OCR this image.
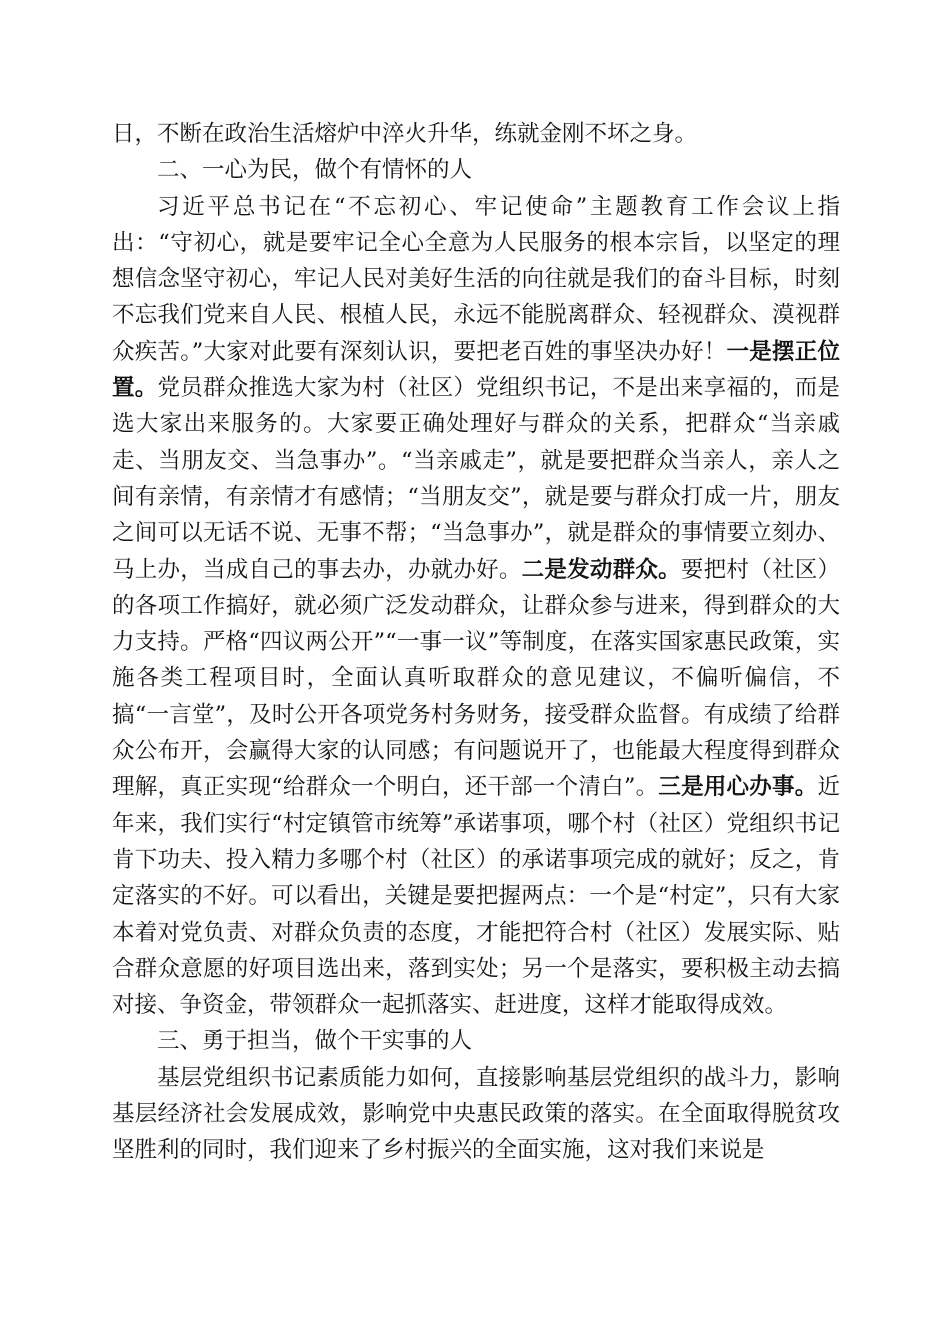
日，不断在政治生活熔炉中淬火升华，练就金刚不坏之身。

二、一心为民，做个有情怀的人

习近平总书记在“不忘初心、牢记使命”主题教育工作会议上指出：“守初心，就是要牢记全心全意为人民服务的根本宗旨，以坚定的理想信念坚守初心，牢记人民对美好生活的向往就是我们的奋斗目标，时刻不忘我们党来自人民、根植人民，永远不能脱离群众、轻视群众、漠视群众疾苦。”大家对此要有深刻认识，要把老百姓的事坚决办好！一是摆正位置。党员群众推选大家为村（社区）党组织书记，不是出来享福的，而是选大家出来服务的。大家要正确处理好与群众的关系，把群众“当亲戚走、当朋友交、当急事办”。“当亲戚走”，就是要把群众当亲人，亲人之间有亲情，有亲情才有感情；“当朋友交”，就是要与群众打成一片，朋友之间可以无话不说、无事不帮；“当急事办”，就是群众的事情要立刻办、马上办，当成自己的事去办，办就办好。二是发动群众。要把村（社区）的各项工作搞好，就必须广泛发动群众，让群众参与进来，得到群众的大力支持。严格“四议两公开”“一事一议”等制度，在落实国家惠民政策，实施各类工程项目时，全面认真听取群众的意见建议，不偏听偏信，不搞“一言堂”，及时公开各项党务村务财务，接受群众监督。有成绩了给群众公布开，会赢得大家的认同感；有问题说开了，也能最大程度得到群众理解，真正实现“给群众一个明白，还干部一个清白”。三是用心办事。近年来，我们实行“村定镇管市统筹”承诺事项，哪个村（社区）党组织书记肯下功夫、投入精力多哪个村（社区）的承诺事项完成的就好；反之，肯定落实的不好。可以看出，关键是要把握两点：一个是“村定”，只有大家本着对党负责、对群众负责的态度，才能把符合村（社区）发展实际、贴合群众意愿的好项目选出来，落到实处；另一个是落实，要积极主动去搞对接、争资金，带领群众一起抓落实、赶进度，这样才能取得成效。

三、勇于担当，做个干实事的人

基层党组织书记素质能力如何，直接影响基层党组织的战斗力，影响基层经济社会发展成效，影响党中央惠民政策的落实。在全面取得脱贫攻坚胜利的同时，我们迎来了乡村振兴的全面实施，这对我们来说是
